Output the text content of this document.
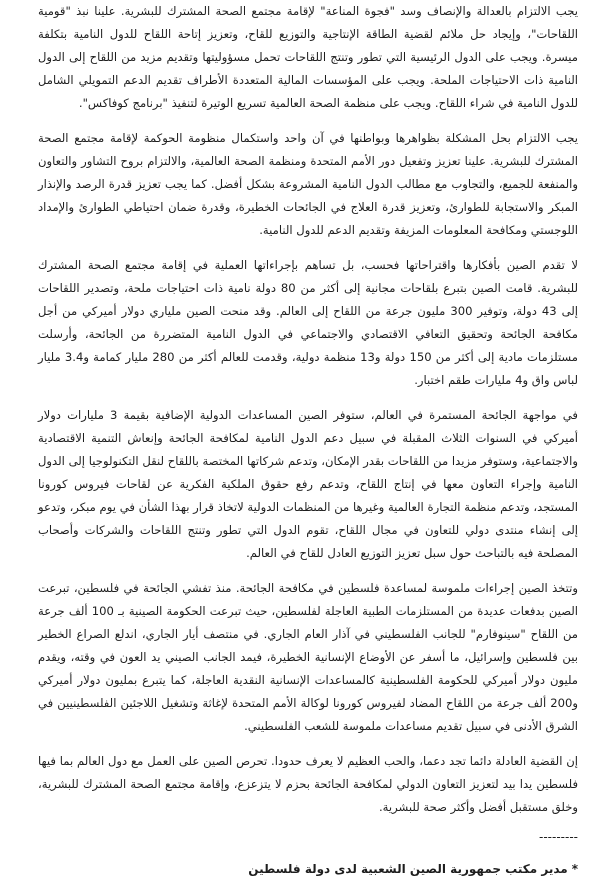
يجب الالتزام بالعدالة والإنصاف وسد "فجوة المناعة" لإقامة مجتمع الصحة المشترك للبشرية. علينا نبذ "قومية اللقاحات"، وإيجاد حل ملائم لقضية الطاقة الإنتاجية والتوزيع للقاح، وتعزيز إتاحة اللقاح للدول النامية بتكلفة ميسرة. ويجب على الدول الرئيسية التي تطور وتنتج اللقاحات تحمل مسؤوليتها وتقديم مزيد من اللقاح إلى الدول النامية ذات الاحتياجات الملحة. ويجب على المؤسسات المالية المتعددة الأطراف تقديم الدعم التمويلي الشامل للدول النامية في شراء اللقاح. ويجب على منظمة الصحة العالمية تسريع الوتيرة لتنفيذ "برنامج كوفاكس".

يجب الالتزام بحل المشكلة بظواهرها وبواطنها في آن واحد واستكمال منظومة الحوكمة لإقامة مجتمع الصحة المشترك للبشرية. علينا تعزيز وتفعيل دور الأمم المتحدة ومنظمة الصحة العالمية، والالتزام بروح التشاور والتعاون والمنفعة للجميع، والتجاوب مع مطالب الدول النامية المشروعة بشكل أفضل. كما يجب تعزيز قدرة الرصد والإنذار المبكر والاستجابة للطوارئ، وتعزيز قدرة العلاج في الجائحات الخطيرة، وقدرة ضمان احتياطي الطوارئ والإمداد اللوجستي ومكافحة المعلومات المزيفة وتقديم الدعم للدول النامية.

لا تقدم الصين بأفكارها واقتراحاتها فحسب، بل تساهم بإجراءاتها العملية في إقامة مجتمع الصحة المشترك للبشرية. قامت الصين بتبرع بلقاحات مجانية إلى أكثر من 80 دولة نامية ذات احتياجات ملحة، وتصدير اللقاحات إلى 43 دولة، وتوفير 300 مليون جرعة من اللقاح إلى العالم. وقد منحت الصين ملياري دولار أميركي من أجل مكافحة الجائحة وتحقيق التعافي الاقتصادي والاجتماعي في الدول النامية المتضررة من الجائحة، وأرسلت مستلزمات مادية إلى أكثر من 150 دولة و13 منظمة دولية، وقدمت للعالم أكثر من 280 مليار كمامة و3.4 مليار لباس واق و4 مليارات طقم اختبار.

في مواجهة الجائحة المستمرة في العالم، ستوفر الصين المساعدات الدولية الإضافية بقيمة 3 مليارات دولار أميركي في السنوات الثلاث المقبلة في سبيل دعم الدول النامية لمكافحة الجائحة وإنعاش التنمية الاقتصادية والاجتماعية، وستوفر مزيدا من اللقاحات بقدر الإمكان، وتدعم شركاتها المختصة باللقاح لنقل التكنولوجيا إلى الدول النامية وإجراء التعاون معها في إنتاج اللقاح، وتدعم رفع حقوق الملكية الفكرية عن لقاحات فيروس كورونا المستجد، وتدعم منظمة التجارة العالمية وغيرها من المنظمات الدولية لاتخاذ قرار بهذا الشأن في يوم مبكر، وتدعو إلى إنشاء منتدى دولي للتعاون في مجال اللقاح، تقوم الدول التي تطور وتنتج اللقاحات والشركات وأصحاب المصلحة فيه بالتباحث حول سبل تعزيز التوزيع العادل للقاح في العالم.

وتتخذ الصين إجراءات ملموسة لمساعدة فلسطين في مكافحة الجائحة. منذ تفشي الجائحة في فلسطين، تبرعت الصين بدفعات عديدة من المستلزمات الطبية العاجلة لفلسطين، حيث تبرعت الحكومة الصينية بـ 100 ألف جرعة من اللقاح "سينوفارم" للجانب الفلسطيني في آذار العام الجاري. في منتصف أيار الجاري، اندلع الصراع الخطير بين فلسطين وإسرائيل، ما أسفر عن الأوضاع الإنسانية الخطيرة، فيمد الجانب الصيني يد العون في وقته، ويقدم مليون دولار أميركي للحكومة الفلسطينية كالمساعدات الإنسانية النقدية العاجلة، كما يتبرع بمليون دولار أميركي و200 ألف جرعة من اللقاح المضاد لفيروس كورونا لوكالة الأمم المتحدة لإغاثة وتشغيل اللاجئين الفلسطينيين في الشرق الأدنى في سبيل تقديم مساعدات ملموسة للشعب الفلسطيني.

إن القضية العادلة دائما تجد دعما، والحب العظيم لا يعرف حدودا. تحرص الصين على العمل مع دول العالم بما فيها فلسطين يدا بيد لتعزيز التعاون الدولي لمكافحة الجائحة بحزم لا يتزعزع، وإقامة مجتمع الصحة المشترك للبشرية، وخلق مستقبل أفضل وأكثر صحة للبشرية.

---------
*مدير مكتب جمهورية الصين الشعبية لدى دولة فلسطين
